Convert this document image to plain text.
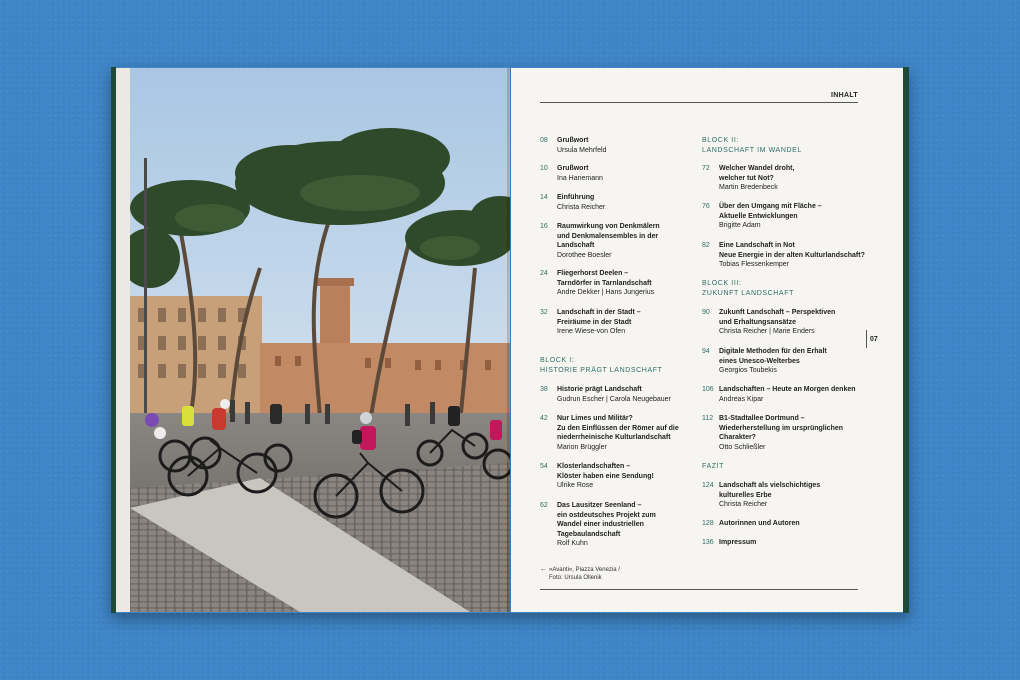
INHALT
07
08	Grußwort
Ursula Mehrfeld
10	Grußwort
Ina Hanemann
14	Einführung
Christa Reicher
16	Raumwirkung von Denkmälern
und Denkmalensembles in der
Landschaft
Dorothee Boesler
24	Fliegerhorst Deelen –
Tarndörfer in Tarnlandschaft
Andre Dekker | Hans Jungerius
32	Landschaft in der Stadt –
Freiräume in der Stadt
Irene Wiese-von Ofen
BLOCK I:
HISTORIE PRÄGT LANDSCHAFT
38	Historie prägt Landschaft
Gudrun Escher | Carola Neugebauer
42	Nur Limes und Militär?
Zu den Einflüssen der Römer auf die
niederrheinische Kulturlandschaft
Marion Brüggler
54	Klosterlandschaften –
Klöster haben eine Sendung!
Ulrike Rose
62	Das Lausitzer Seenland –
ein ostdeutsches Projekt zum
Wandel einer industriellen
Tagebaulandschaft
Rolf Kuhn
← »Avanti«, Piazza Venezia /
Foto: Ursula Ollenik
BLOCK II:
LANDSCHAFT IM WANDEL
72	Welcher Wandel droht,
welcher tut Not?
Martin Bredenbeck
76	Über den Umgang mit Fläche –
Aktuelle Entwicklungen
Brigitte Adam
82	Eine Landschaft in Not
Neue Energie in der alten Kulturlandschaft?
Tobias Flessenkemper
BLOCK III:
ZUKUNFT LANDSCHAFT
90	Zukunft Landschaft – Perspektiven
und Erhaltungsansätze
Christa Reicher | Marie Enders
94	Digitale Methoden für den Erhalt
eines Unesco-Welterbes
Georgios Toubekis
106 Landschaften – Heute an Morgen denken
Andreas Kipar
112 B1-Stadtallee Dortmund –
Wiederherstellung im ursprünglichen
Charakter?
Otto Schließler
FAZIT
124 Landschaft als vielschichtiges
kulturelles Erbe
Christa Reicher
128 Autorinnen und Autoren
136 Impressum
